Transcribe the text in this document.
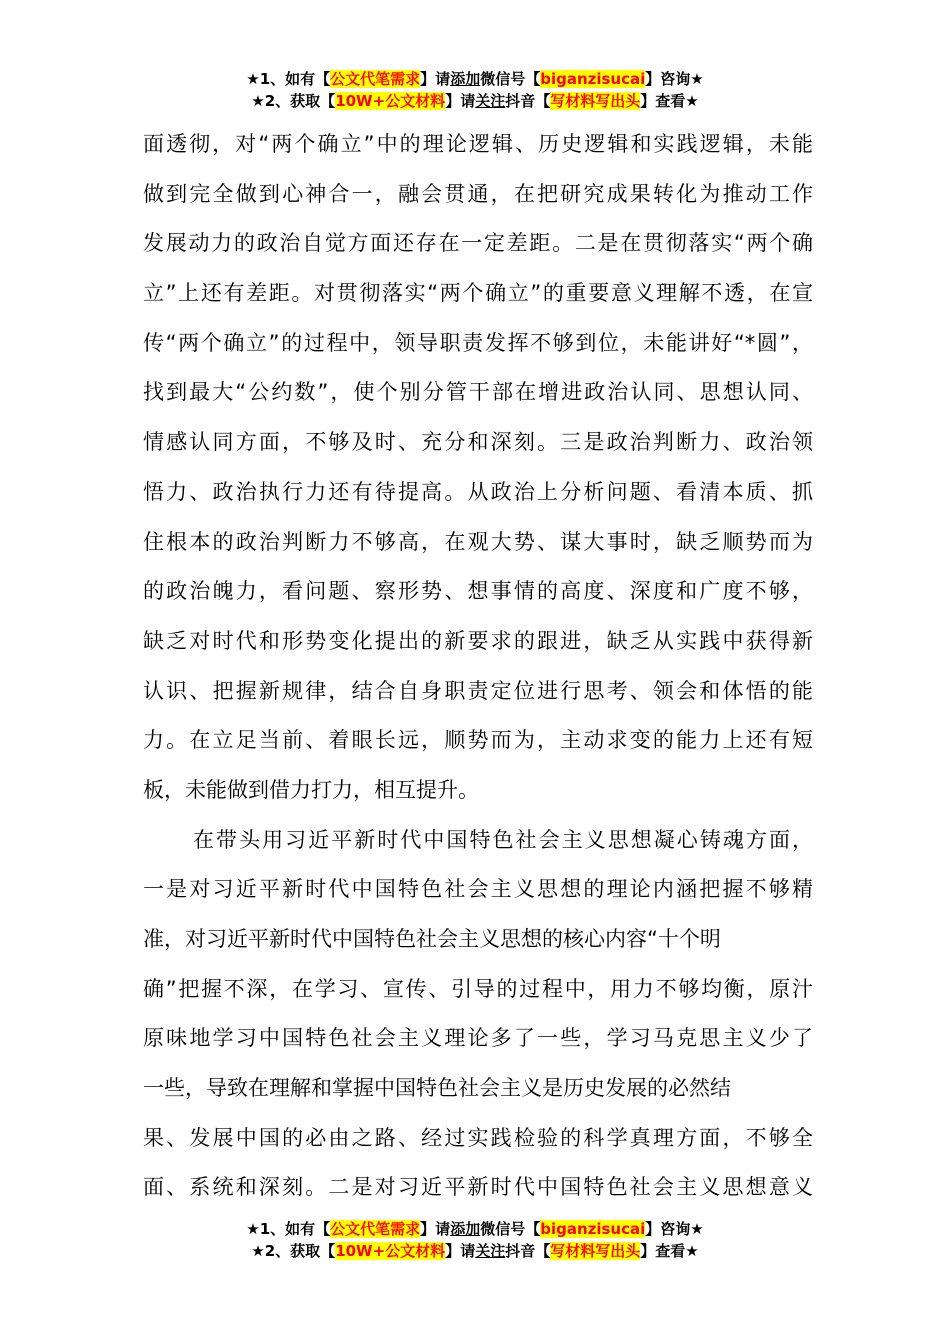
★1、如有【公文代笔需求】请添加微信号【biganzisucai】咨询★
★2、获取【10W+公文材料】请关注抖音【写材料写出头】查看★
面透彻，对“两个确立”中的理论逻辑、历史逻辑和实践逻辑，未能
做到完全做到心神合一，融会贯通，在把研究成果转化为推动工作
发展动力的政治自觉方面还存在一定差距。二是在贯彻落实“两个确
立”上还有差距。对贯彻落实“两个确立”的重要意义理解不透，在宣
传“两个确立”的过程中，领导职责发挥不够到位，未能讲好“*圆”，
找到最大“公约数”，使个别分管干部在增进政治认同、思想认同、
情感认同方面，不够及时、充分和深刻。三是政治判断力、政治领
悟力、政治执行力还有待提高。从政治上分析问题、看清本质、抓
住根本的政治判断力不够高，在观大势、谋大事时，缺乏顺势而为
的政治魄力，看问题、察形势、想事情的高度、深度和广度不够，
缺乏对时代和形势变化提出的新要求的跟进，缺乏从实践中获得新
认识、把握新规律，结合自身职责定位进行思考、领会和体悟的能
力。在立足当前、着眼长远，顺势而为，主动求变的能力上还有短
板，未能做到借力打力，相互提升。
在带头用习近平新时代中国特色社会主义思想凝心铸魂方面，
一是对习近平新时代中国特色社会主义思想的理论内涵把握不够精
准，对习近平新时代中国特色社会主义思想的核心内容“十个明
确”把握不深，在学习、宣传、引导的过程中，用力不够均衡，原汁
原味地学习中国特色社会主义理论多了一些，学习马克思主义少了
一些，导致在理解和掌握中国特色社会主义是历史发展的必然结
果、发展中国的必由之路、经过实践检验的科学真理方面，不够全
面、系统和深刻。二是对习近平新时代中国特色社会主义思想意义
★1、如有【公文代笔需求】请添加微信号【biganzisucai】咨询★
★2、获取【10W+公文材料】请关注抖音【写材料写出头】查看★
